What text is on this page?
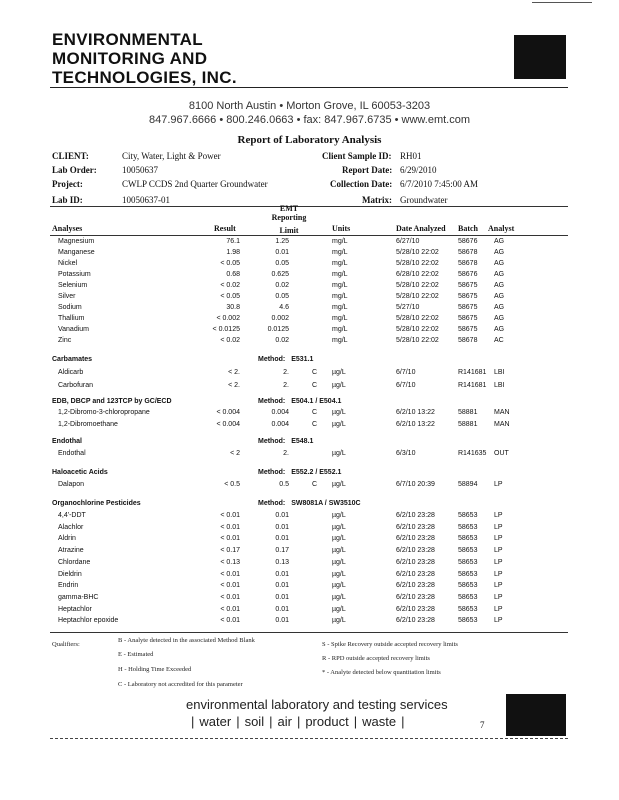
ENVIRONMENTAL
MONITORING AND
TECHNOLOGIES, INC.
8100 North Austin • Morton Grove, IL 60053-3203
847.967.6666 • 800.246.0663 • fax: 847.967.6735 • www.emt.com
Report of Laboratory Analysis
CLIENT:	City, Water, Light & Power
Lab Order:	10050637
Project:	CWLP CCDS 2nd Quarter Groundwater
Lab ID:	10050637-01
Client Sample ID: RH01
Report Date: 6/29/2010
Collection Date: 6/7/2010 7:45:00 AM
Matrix: Groundwater
Analyses	Result
EMT
Reporting
Limit	Units	Date Analyzed Batch Analyst
Magnesium	76.1	1.25	mg/L	6/27/10	58676 AG
Manganese	1.98	0.01	mg/L	5/28/10 22:02	58678 AG
Nickel	< 0.05	0.05	mg/L	5/28/10 22:02	58678 AG
Potassium	0.68	0.625	mg/L	6/28/10 22:02	58676 AG
Selenium	< 0.02	0.02	mg/L	5/28/10 22:02	58675 AG
Silver	< 0.05	0.05	mg/L	5/28/10 22:02	58675 AG
Sodium	30.8	4.6	mg/L	5/27/10	58675 AG
Thallium	< 0.002	0.002	mg/L	5/28/10 22:02	58675 AG
Vanadium	< 0.0125	0.0125	mg/L	5/28/10 22:02	58675 AG
Zinc	< 0.02	0.02	mg/L	5/28/10 22:02	58678 AC
Carbamates	Method: E531.1
Aldicarb	< 2.	2.	C µg/L	6/7/10	R141681 LBI
Carbofuran	< 2.	2.	C µg/L	6/7/10	R141681 LBI
EDB, DBCP and 123TCP by GC/ECD	Method: E504.1 / E504.1
1,2-Dibromo-3-chloropropane	< 0.004	0.004	C µg/L	6/2/10 13:22	58881 MAN
1,2-Dibromoethane	< 0.004	0.004	C µg/L	6/2/10 13:22	58881 MAN
Endothal	Method: E548.1
Endothal	< 2	2.	µg/L	6/3/10	R141635 OUT
Haloacetic Acids	Method: E552.2 / E552.1
Dalapon	< 0.5	0.5	C µg/L	6/7/10 20:39	58894 LP
Organochlorine Pesticides	Method: SW8081A / SW3510C
4,4'-DDT	< 0.01	0.01	µg/L	6/2/10 23:28	58653 LP
Alachlor	< 0.01	0.01	µg/L	6/2/10 23:28	58653 LP
Aldrin	< 0.01	0.01	µg/L	6/2/10 23:28	58653 LP
Atrazine	< 0.17	0.17	µg/L	6/2/10 23:28	58653 LP
Chlordane	< 0.13	0.13	µg/L	6/2/10 23:28	58653 LP
Dieldrin	< 0.01	0.01	µg/L	6/2/10 23:28	58653 LP
Endrin	< 0.01	0.01	µg/L	6/2/10 23:28	58653 LP
gamma-BHC	< 0.01	0.01	µg/L	6/2/10 23:28	58653 LP
Heptachlor	< 0.01	0.01	µg/L	6/2/10 23:28	58653 LP
Heptachlor epoxide	< 0.01	0.01	µg/L	6/2/10 23:28	58653 LP
Qualifiers:
B - Analyte detected in the associated Method Blank
E - Estimated
H - Holding Time Exceeded
C - Laboratory not accredited for this parameter
S - Spike Recovery outside accepted recovery limits
R - RPD outside accepted recovery limits
* - Analyte detected below quantitation limits
environmental laboratory and testing services
| water | soil | air | product | waste |	7
